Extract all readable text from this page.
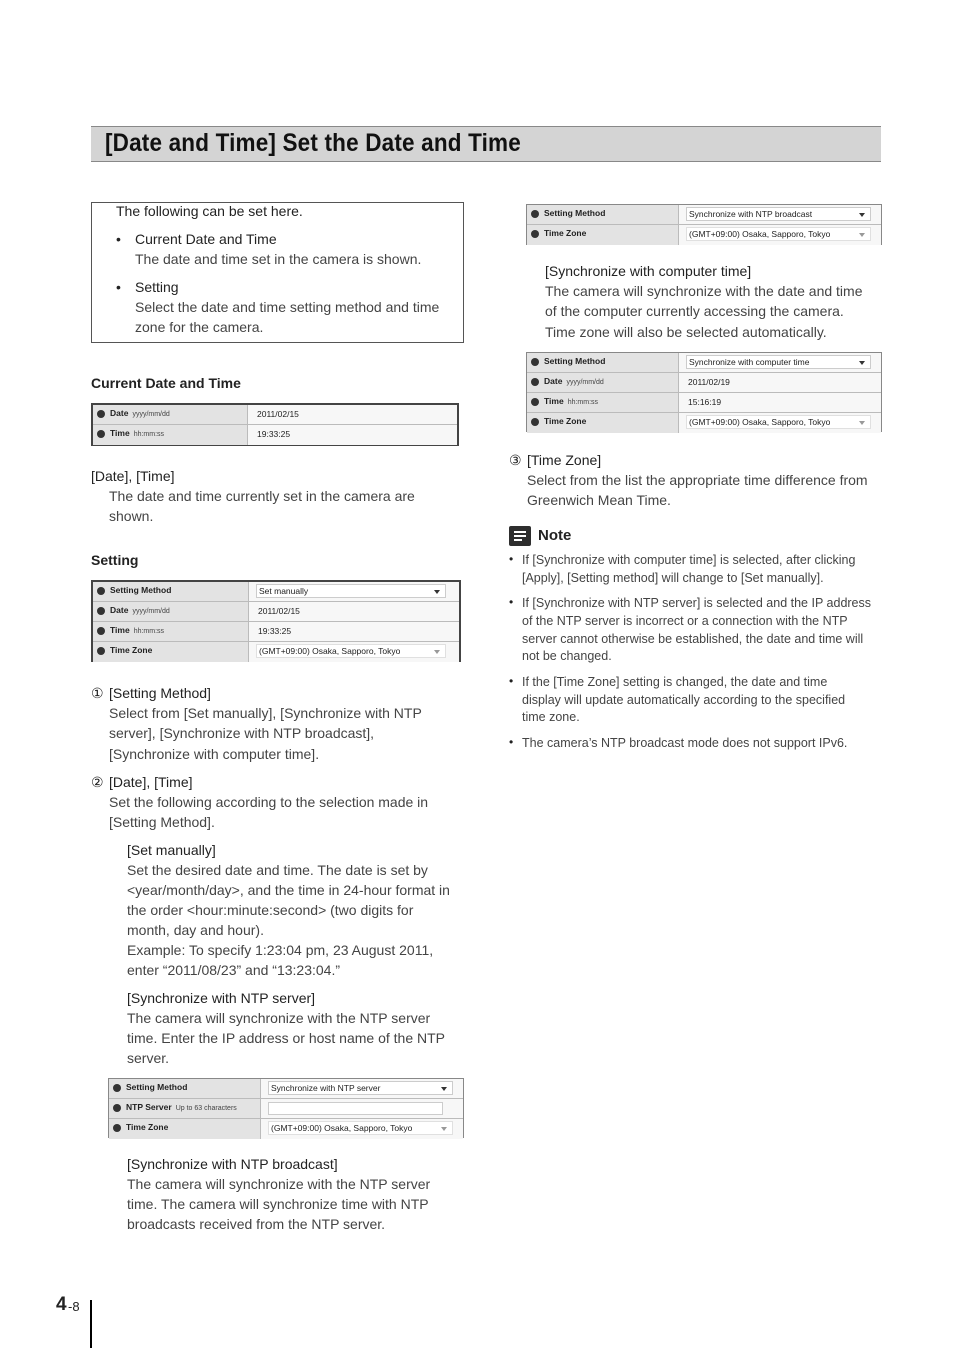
[Date and Time] Set the Date and Time
The following can be set here.
• Current Date and Time
The date and time set in the camera is shown.
• Setting
Select the date and time setting method and time
zone for the camera.
Current Date and Time
Date yyyy/mm/dd	2011/02/15
Time hh:mm:ss	19:33:25
[Date], [Time]
The date and time currently set in the camera are
shown.
Setting
Setting Method	Set manually
Date yyyy/mm/dd	2011/02/15
Time hh:mm:ss	19:33:25
Time Zone	(GMT+09:00) Osaka, Sapporo, Tokyo
① [Setting Method]
Select from [Set manually], [Synchronize with NTP
server], [Synchronize with NTP broadcast],
[Synchronize with computer time].
② [Date], [Time]
Set the following according to the selection made in
[Setting Method].
[Set manually]
Set the desired date and time. The date is set by
<year/month/day>, and the time in 24-hour format in
the order <hour:minute:second> (two digits for
month, day and hour).
Example: To specify 1:23:04 pm, 23 August 2011,
enter “2011/08/23” and “13:23:04.”
[Synchronize with NTP server]
The camera will synchronize with the NTP server
time. Enter the IP address or host name of the NTP
server.
Setting Method	Synchronize with NTP server
NTP Server Up to 63 characters
Time Zone	(GMT+09:00) Osaka, Sapporo, Tokyo
[Synchronize with NTP broadcast]
The camera will synchronize with the NTP server
time. The camera will synchronize time with NTP
broadcasts received from the NTP server.
Setting Method	Synchronize with NTP broadcast
Time Zone	(GMT+09:00) Osaka, Sapporo, Tokyo
[Synchronize with computer time]
The camera will synchronize with the date and time
of the computer currently accessing the camera.
Time zone will also be selected automatically.
Setting Method	Synchronize with computer time
Date yyyy/mm/dd	2011/02/19
Time hh:mm:ss	15:16:19
Time Zone	(GMT+09:00) Osaka, Sapporo, Tokyo
③ [Time Zone]
Select from the list the appropriate time difference from
Greenwich Mean Time.
Note
• If [Synchronize with computer time] is selected, after clicking
[Apply], [Setting method] will change to [Set manually].
• If [Synchronize with NTP server] is selected and the IP address
of the NTP server is incorrect or a connection with the NTP
server cannot otherwise be established, the date and time will
not be changed.
• If the [Time Zone] setting is changed, the date and time
display will update automatically according to the specified
time zone.
• The camera’s NTP broadcast mode does not support IPv6.
4 -8
